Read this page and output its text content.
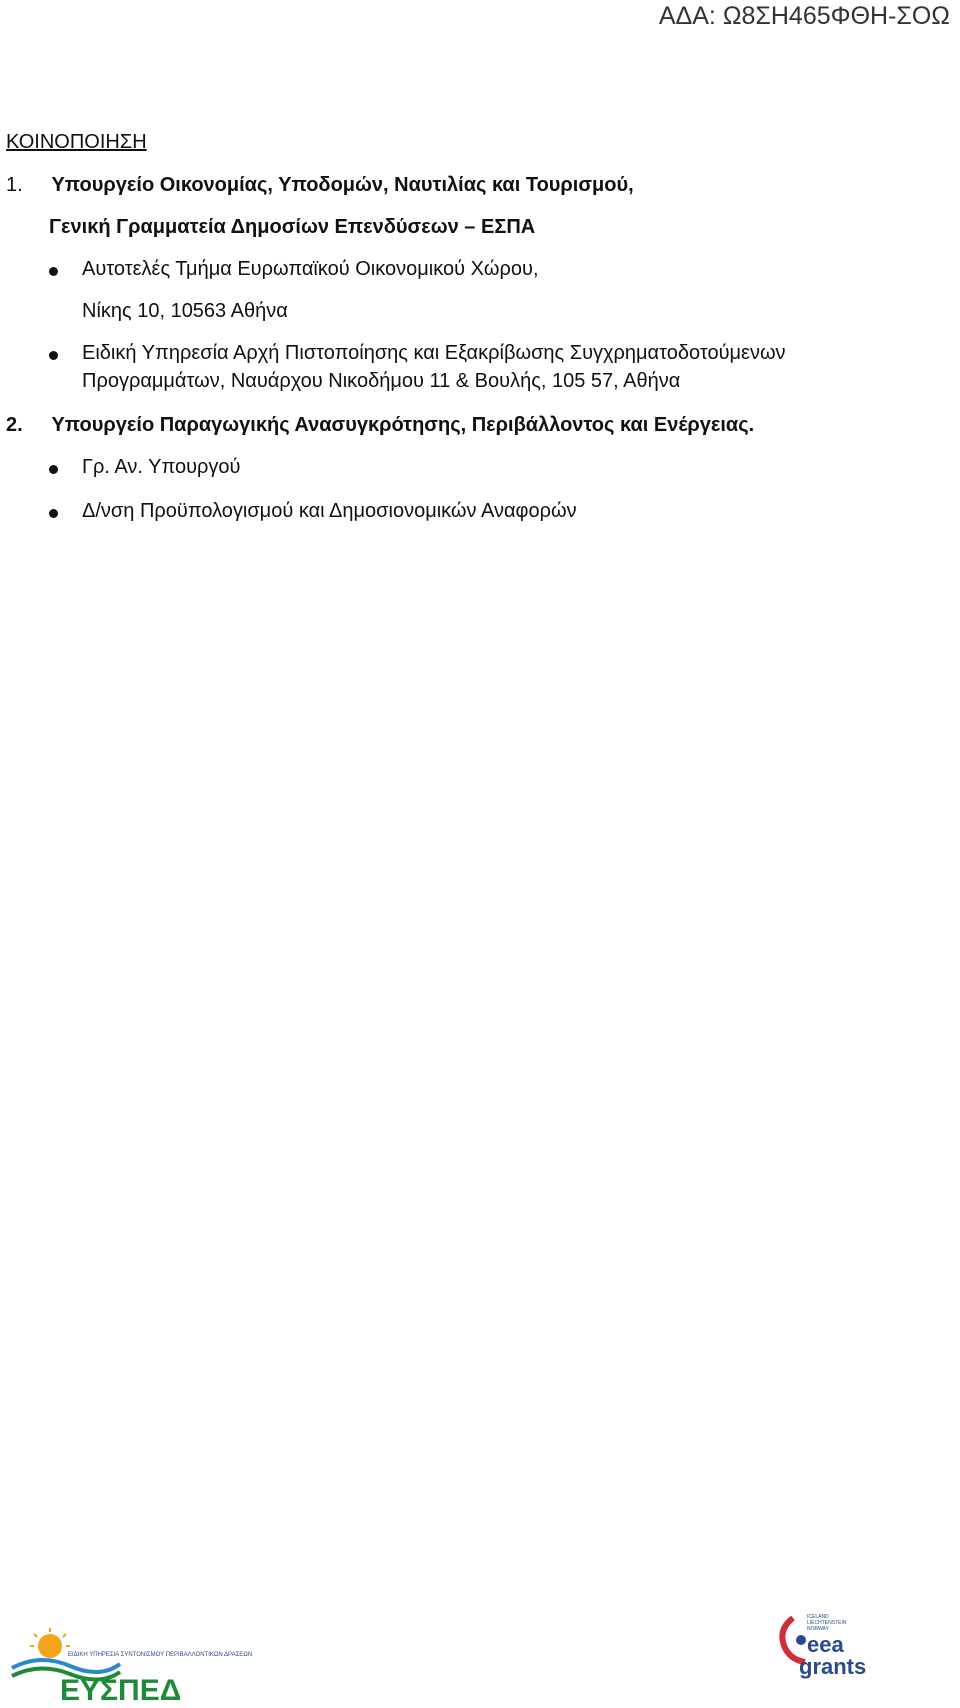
ΑΔΑ: Ω8ΣΗ465ΦΘΗ-ΣΟΩ
ΚΟΙΝΟΠΟΙΗΣΗ
1. Υπουργείο Οικονομίας, Υποδομών, Ναυτιλίας και Τουρισμού,
Γενική Γραμματεία Δημοσίων Επενδύσεων – ΕΣΠΑ
Αυτοτελές Τμήμα Ευρωπαϊκού Οικονομικού Χώρου,
Νίκης 10, 10563 Αθήνα
Ειδική Υπηρεσία Αρχή Πιστοποίησης και Εξακρίβωσης Συγχρηματοδοτούμενων
Προγραμμάτων, Ναυάρχου Νικοδήμου 11 & Βουλής, 105 57, Αθήνα
2. Υπουργείο Παραγωγικής Ανασυγκρότησης, Περιβάλλοντος και Ενέργειας.
Γρ. Αν. Υπουργού
Δ/νση Προϋπολογισμού και Δημοσιονομικών Αναφορών
ΕΙΔΙΚΗ ΥΠΗΡΕΣΙΑ ΣΥΝΤΟΝΙΣΜΟΥ ΠΕΡΙΒΑΛΛΟΝΤΙΚΩΝ ΔΡΑΣΕΩΝ
ΕΥΣΠΕΔ
ICELAND
LIECHTENSTEIN
NORWAY
eea
grants
